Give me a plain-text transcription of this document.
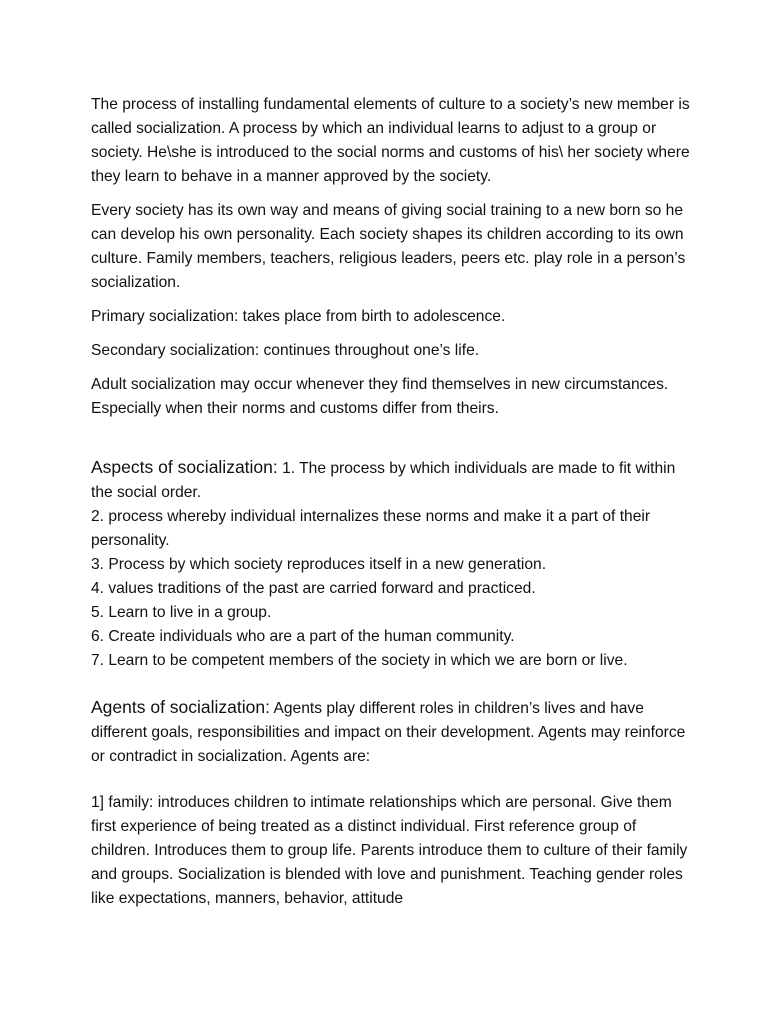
The process of installing fundamental elements of culture to a society’s new member is called socialization. A process by which an individual learns to adjust to a group or society. He\she is introduced to the social norms and customs of his\ her society where they learn to behave in a manner approved by the society.

Every society has its own way and means of giving social training to a new born so he can develop his own personality. Each society shapes its children according to its own culture. Family members, teachers, religious leaders, peers etc. play role in a person’s socialization.

Primary socialization: takes place from birth to adolescence.

Secondary socialization: continues throughout one’s life.

Adult socialization may occur whenever they find themselves in new circumstances. Especially when their norms and customs differ from theirs.

Aspects of socialization: 1. The process by which individuals are made to fit within the social order.

2. process whereby individual internalizes these norms and make it a part of their personality.

3. Process by which society reproduces itself in a new generation.

4. values traditions of the past are carried forward and practiced.

5. Learn to live in a group.

6. Create individuals who are a part of the human community.

7. Learn to be competent members of the society in which we are born or live.

Agents of socialization: Agents play different roles in children’s lives and have different goals, responsibilities and impact on their development. Agents may reinforce or contradict in socialization. Agents are:

1] family: introduces children to intimate relationships which are personal. Give them first experience of being treated as a distinct individual. First reference group of children. Introduces them to group life. Parents introduce them to culture of their family and groups. Socialization is blended with love and punishment. Teaching gender roles like expectations, manners, behavior, attitude
